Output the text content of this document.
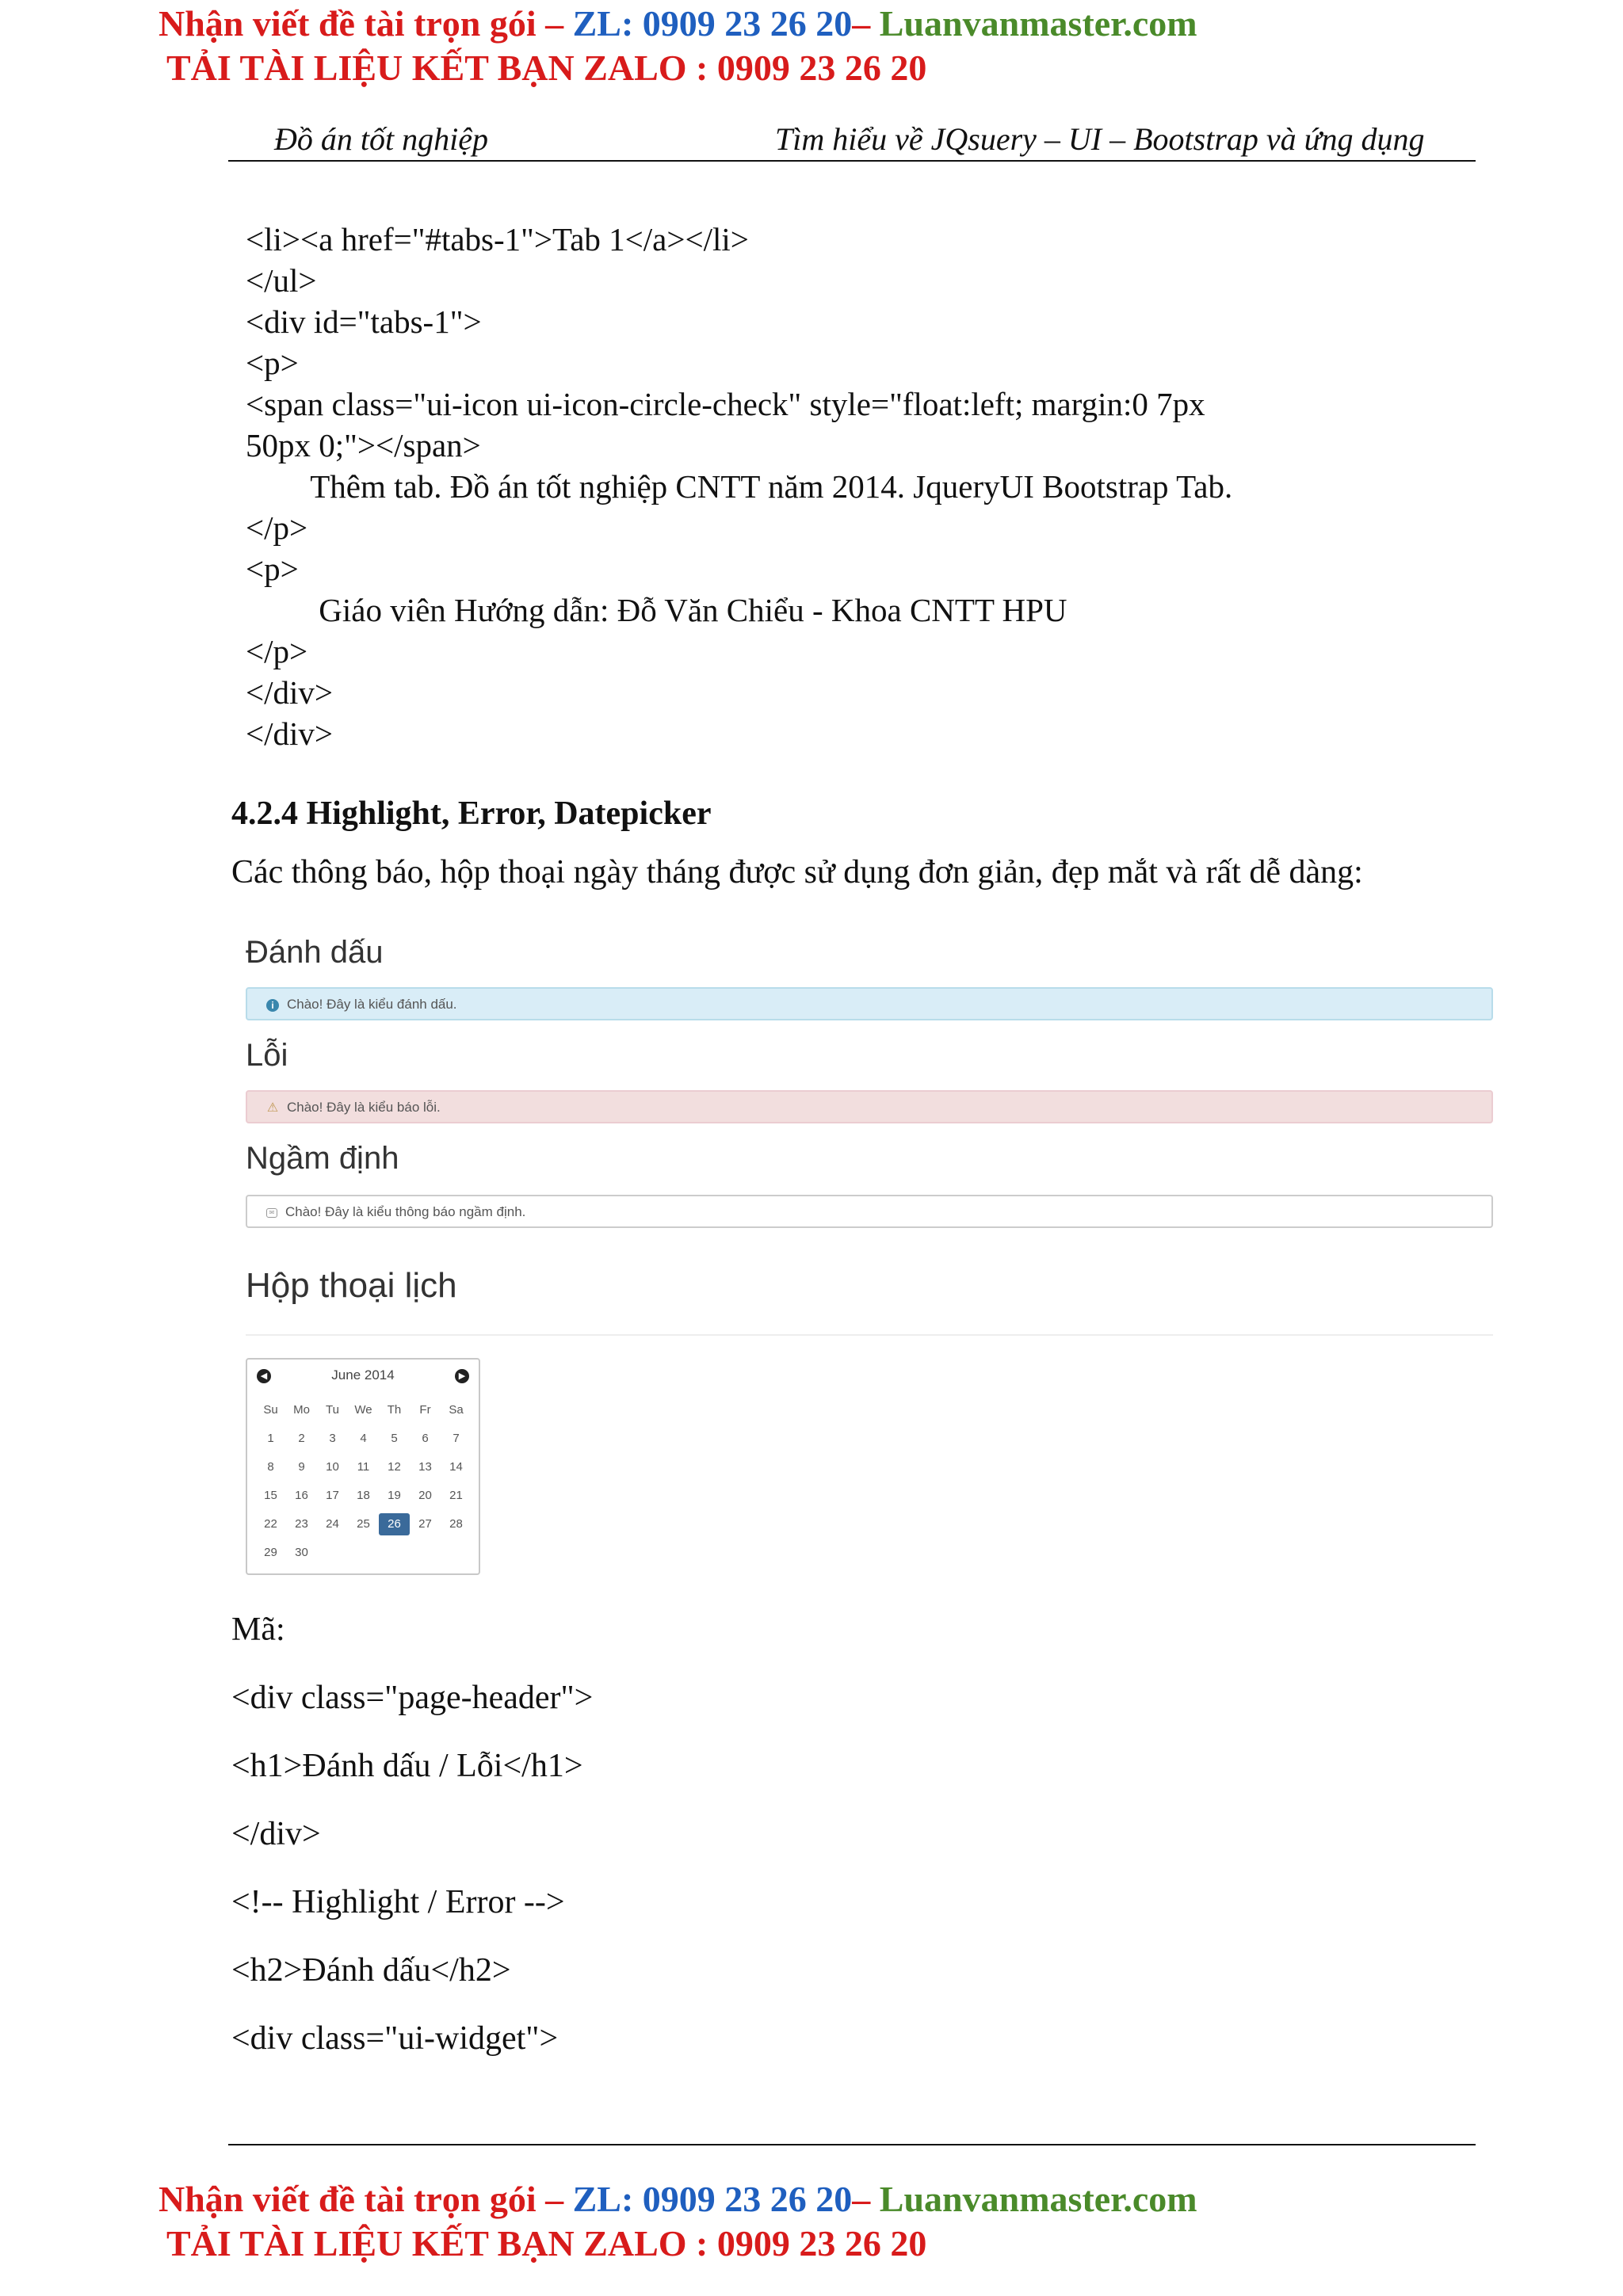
Nhận viết đề tài trọn gói – ZL: 0909 23 26 20– Luanvanmaster.com
TẢI TÀI LIỆU KẾT BẠN ZALO : 0909 23 26 20
Đồ án tốt nghiệp	Tìm hiểu về JQsuery – UI – Bootstrap và ứng dụng
<li><a href="#tabs-1">Tab 1</a></li>
</ul>
<div id="tabs-1">
<p>
<span class="ui-icon ui-icon-circle-check" style="float:left; margin:0 7px
50px 0;"></span>
Thêm tab. Đồ án tốt nghiệp CNTT năm 2014. JqueryUI Bootstrap Tab.
</p>
<p>
Giáo viên Hướng dẫn: Đỗ Văn Chiểu - Khoa CNTT HPU
</p>
</div>
</div>
4.2.4 Highlight, Error, Datepicker
Các thông báo, hộp thoại ngày tháng được sử dụng đơn giản, đẹp mắt và rất dễ dàng:
Đánh dấu
i Chào! Đây là kiểu đánh dấu.
Lỗi
⚠ Chào! Đây là kiểu báo lỗi.
Ngầm định
✉ Chào! Đây là kiểu thông báo ngầm định.
Hộp thoại lịch
June 2014
◀	▶
Su	Mo	Tu	We	Th	Fr	Sa
1	2	3	4	5	6	7
8	9	10	11	12	13	14
15	16	17	18	19	20	21
22	23	24	25	26	27	28
29	30
Mã:
<div class="page-header">
<h1>Đánh dấu / Lỗi</h1>
</div>
<!-- Highlight / Error -->
<h2>Đánh dấu</h2>
<div class="ui-widget">
Nhận viết đề tài trọn gói – ZL: 0909 23 26 20– Luanvanmaster.com
TẢI TÀI LIỆU KẾT BẠN ZALO : 0909 23 26 20
